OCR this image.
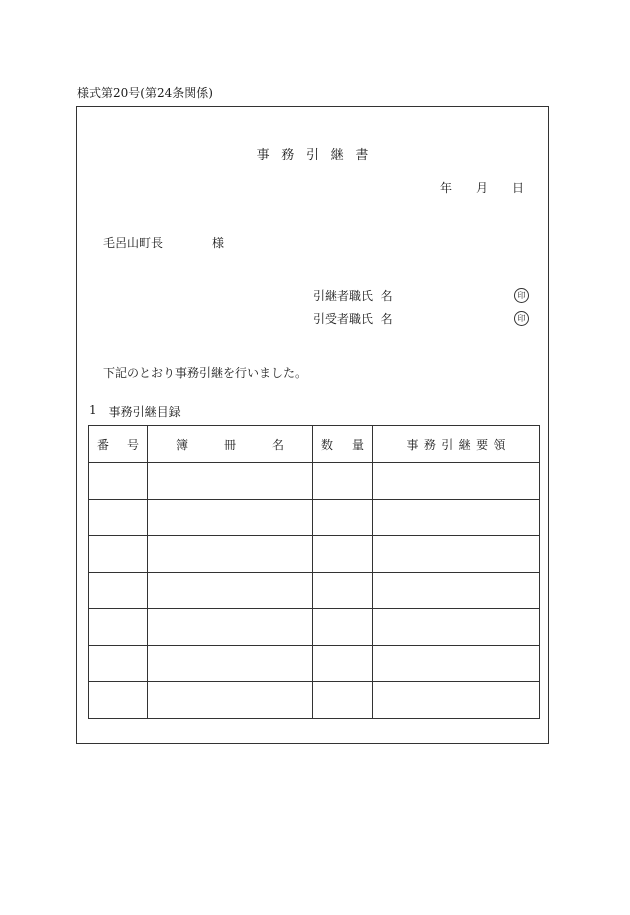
様式第20号(第24条関係)
事務引継書
年 月 日
毛呂山町長	様
引継者職氏 名	印
引受者職氏 名	印
下記のとおり事務引継を行いました。
1 事務引継目録
番 号	簿 冊 名	数 量	事務引継要領
